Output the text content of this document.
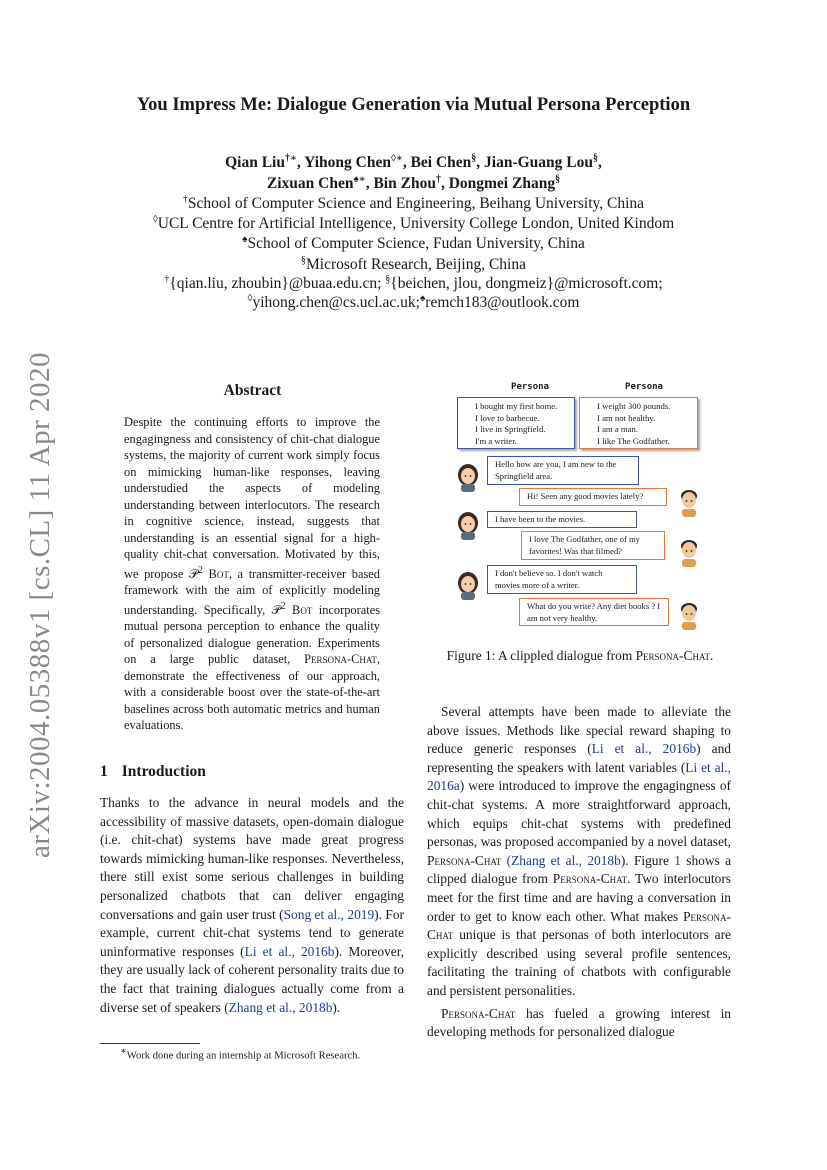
arXiv:2004.05388v1 [cs.CL] 11 Apr 2020
You Impress Me: Dialogue Generation via Mutual Persona Perception
Qian Liu†∗, Yihong Chen◊∗, Bei Chen§, Jian-Guang Lou§,
Zixuan Chen♠∗, Bin Zhou†, Dongmei Zhang§
†School of Computer Science and Engineering, Beihang University, China
◊UCL Centre for Artificial Intelligence, University College London, United Kindom
♠School of Computer Science, Fudan University, China
§Microsoft Research, Beijing, China
†{qian.liu, zhoubin}@buaa.edu.cn; §{beichen, jlou, dongmeiz}@microsoft.com;
◊yihong.chen@cs.ucl.ac.uk;♠remch183@outlook.com
Abstract
Despite the continuing efforts to improve the engagingness and consistency of chit-chat dialogue systems, the majority of current work simply focus on mimicking human-like responses, leaving understudied the aspects of modeling understanding between interlocutors. The research in cognitive science, instead, suggests that understanding is an essential signal for a high-quality chit-chat conversation. Motivated by this, we propose 𝒫$^2$ Bot, a transmitter-receiver based framework with the aim of explicitly modeling understanding. Specifically, 𝒫$^2$ Bot incorporates mutual persona perception to enhance the quality of personalized dialogue generation. Experiments on a large public dataset, Persona-Chat, demonstrate the effectiveness of our approach, with a considerable boost over the state-of-the-art baselines across both automatic metrics and human evaluations.
1 Introduction
Thanks to the advance in neural models and the accessibility of massive datasets, open-domain dialogue (i.e. chit-chat) systems have made great progress towards mimicking human-like responses. Nevertheless, there still exist some serious challenges in building personalized chatbots that can deliver engaging conversations and gain user trust (Song et al., 2019). For example, current chit-chat systems tend to generate uninformative responses (Li et al., 2016b). Moreover, they are usually lack of coherent personality traits due to the fact that training dialogues actually come from a diverse set of speakers (Zhang et al., 2018b).
∗Work done during an internship at Microsoft Research.
Persona	Persona
I bought my first home.
I love to barbecue.
I live in Springfield.
I'm a writer.
I weight 300 pounds.
I am not healthy.
I am a man.
I like The Godfather.
Hello how are you, I am new to the Springfield area.
Hi! Seen any good movies lately?
I have been to the movies.
I love The Godfather, one of my favorites! Was that filmed?
I don't believe so. I don't watch movies more of a writer.
What do you write? Any diet books ? I am not very healthy.
Figure 1: A clippled dialogue from Persona-Chat.

Several attempts have been made to alleviate the above issues. Methods like special reward shaping to reduce generic responses (Li et al., 2016b) and representing the speakers with latent variables (Li et al., 2016a) were introduced to improve the engagingness of chit-chat systems. A more straightforward approach, which equips chit-chat systems with predefined personas, was proposed accompanied by a novel dataset, Persona-Chat (Zhang et al., 2018b). Figure 1 shows a clipped dialogue from Persona-Chat. Two interlocutors meet for the first time and are having a conversation in order to get to know each other. What makes Persona-Chat unique is that personas of both interlocutors are explicitly described using several profile sentences, facilitating the training of chatbots with configurable and persistent personalities.

Persona-Chat has fueled a growing interest in developing methods for personalized dialogue
